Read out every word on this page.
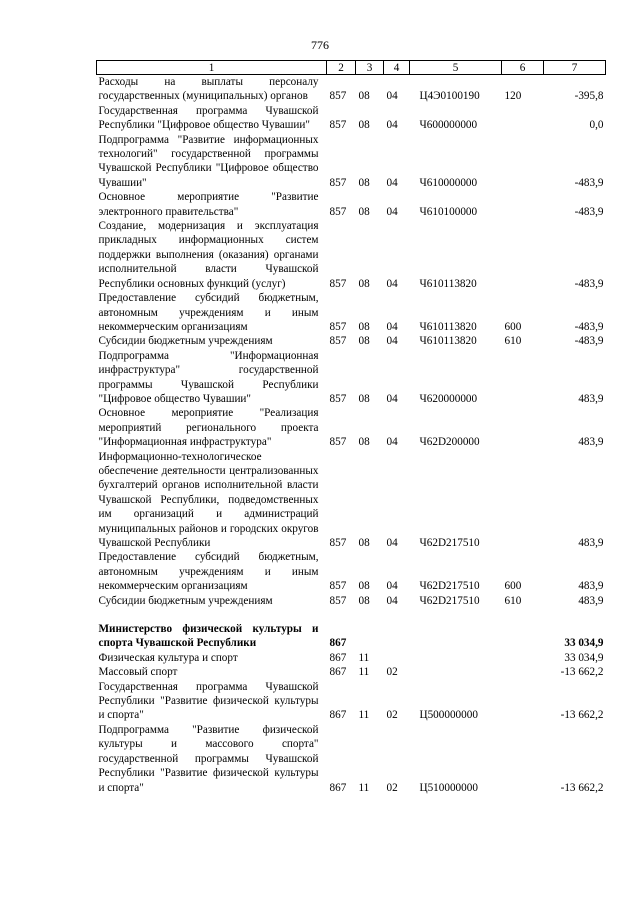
776
1	2	3	4	5	6	7
Расходы на выплаты персоналу государственных (муниципальных) органов	857	08	04	Ц4Э0100190	120	-395,8
Государственная программа Чувашской Республики "Цифровое общество Чувашии"	857	08	04	Ч600000000		0,0
Подпрограмма "Развитие информационных технологий" государственной программы Чувашской Республики "Цифровое общество Чувашии"	857	08	04	Ч610000000		-483,9
Основное мероприятие "Развитие электронного правительства"	857	08	04	Ч610100000		-483,9
Создание, модернизация и эксплуатация прикладных информационных систем поддержки выполнения (оказания) органами исполнительной власти Чувашской Республики основных функций (услуг)	857	08	04	Ч610113820		-483,9
Предоставление субсидий бюджетным, автономным учреждениям и иным некоммерческим организациям	857	08	04	Ч610113820	600	-483,9
Субсидии бюджетным учреждениям	857	08	04	Ч610113820	610	-483,9
Подпрограмма "Информационная инфраструктура" государственной программы Чувашской Республики "Цифровое общество Чувашии"	857	08	04	Ч620000000		483,9
Основное мероприятие "Реализация мероприятий регионального проекта "Информационная инфраструктура"	857	08	04	Ч62D200000		483,9
Информационно-технологическое обеспечение деятельности централизованных бухгалтерий органов исполнительной власти Чувашской Республики, подведомственных им организаций и администраций муниципальных районов и городских округов Чувашской Республики	857	08	04	Ч62D217510		483,9
Предоставление субсидий бюджетным, автономным учреждениям и иным некоммерческим организациям	857	08	04	Ч62D217510	600	483,9
Субсидии бюджетным учреждениям	857	08	04	Ч62D217510	610	483,9

Министерство физической культуры и спорта Чувашской Республики	867					33 034,9
Физическая культура и спорт	867	11				33 034,9
Массовый спорт	867	11	02			-13 662,2
Государственная программа Чувашской Республики "Развитие физической культуры и спорта"	867	11	02	Ц500000000		-13 662,2
Подпрограмма "Развитие физической культуры и массового спорта" государственной программы Чувашской Республики "Развитие физической культуры и спорта"	867	11	02	Ц510000000		-13 662,2
